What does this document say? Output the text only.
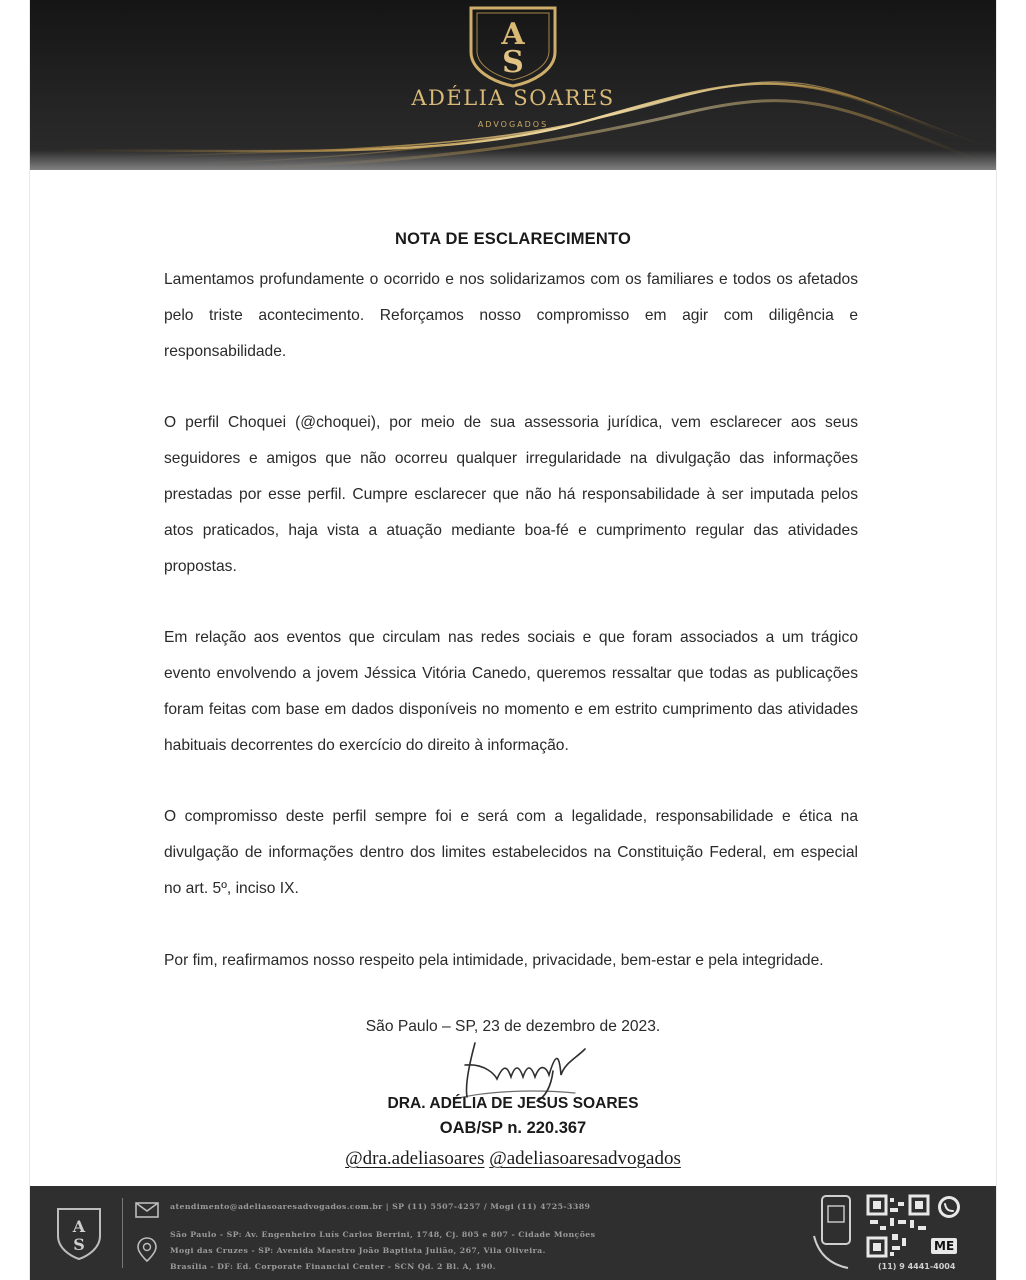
A
S
ADÉLIA SOARES
ADVOGADOS
NOTA DE ESCLARECIMENTO
Lamentamos profundamente o ocorrido e nos solidarizamos com os familiares e todos os afetados pelo triste acontecimento. Reforçamos nosso compromisso em agir com diligência e responsabilidade.
O perfil Choquei (@choquei), por meio de sua assessoria jurídica, vem esclarecer aos seus seguidores e amigos que não ocorreu qualquer irregularidade na divulgação das informações prestadas por esse perfil. Cumpre esclarecer que não há responsabilidade à ser imputada pelos atos praticados, haja vista a atuação mediante boa-fé e cumprimento regular das atividades propostas.
Em relação aos eventos que circulam nas redes sociais e que foram associados a um trágico evento envolvendo a jovem Jéssica Vitória Canedo, queremos ressaltar que todas as publicações foram feitas com base em dados disponíveis no momento e em estrito cumprimento das atividades habituais decorrentes do exercício do direito à informação.
O compromisso deste perfil sempre foi e será com a legalidade, responsabilidade e ética na divulgação de informações dentro dos limites estabelecidos na Constituição Federal, em especial no art. 5º, inciso IX.
Por fim, reafirmamos nosso respeito pela intimidade, privacidade, bem-estar e pela integridade.
São Paulo – SP, 23 de dezembro de 2023.
DRA. ADÉLIA DE JESUS SOARES
OAB/SP n. 220.367
@dra.adeliasoares @adeliasoaresadvogados
A
S
atendimento@adeliasoaresadvogados.com.br | SP (11) 5507-4257 / Mogi (11) 4725-3389
São Paulo - SP: Av. Engenheiro Luís Carlos Berrini, 1748, Cj. 805 e 807 - Cidade Monções
Mogi das Cruzes - SP: Avenida Maestro João Baptista Julião, 267, Vila Oliveira.
Brasília - DF: Ed. Corporate Financial Center - SCN Qd. 2 Bl. A, 190.
ME
(11) 9 4441-4004
